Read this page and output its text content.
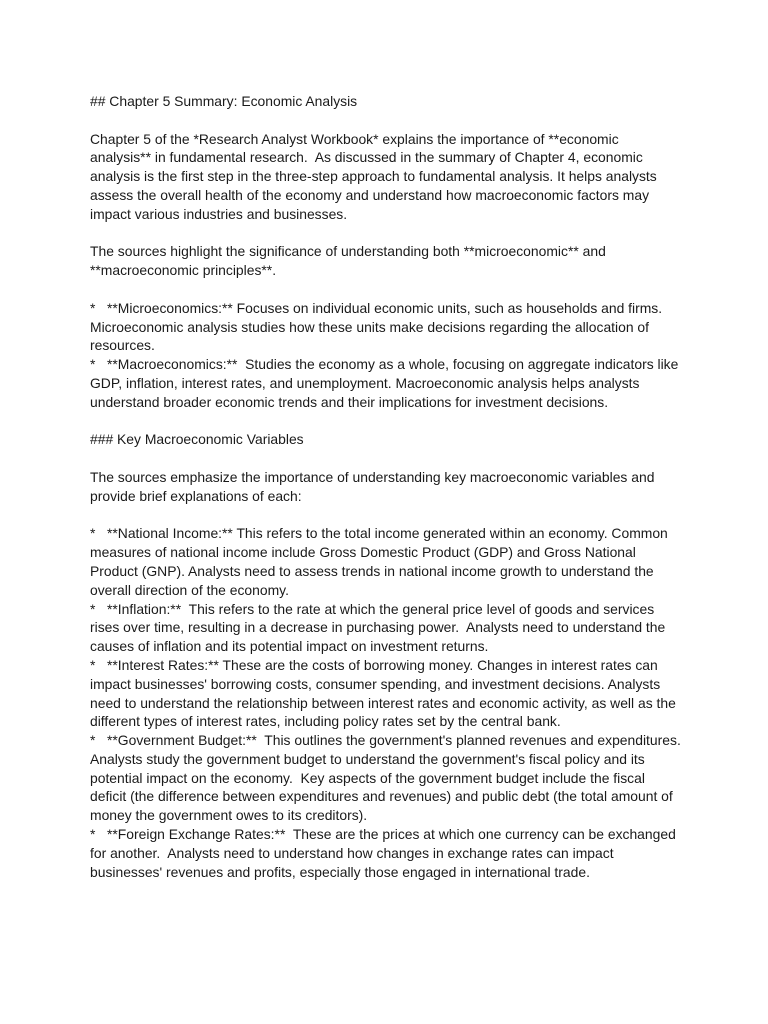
## Chapter 5 Summary: Economic Analysis
Chapter 5 of the *Research Analyst Workbook* explains the importance of **economic
analysis** in fundamental research.  As discussed in the summary of Chapter 4, economic
analysis is the first step in the three-step approach to fundamental analysis. It helps analysts
assess the overall health of the economy and understand how macroeconomic factors may
impact various industries and businesses.
The sources highlight the significance of understanding both **microeconomic** and
**macroeconomic principles**.
*   **Microeconomics:** Focuses on individual economic units, such as households and firms.
Microeconomic analysis studies how these units make decisions regarding the allocation of
resources.
*   **Macroeconomics:**  Studies the economy as a whole, focusing on aggregate indicators like
GDP, inflation, interest rates, and unemployment. Macroeconomic analysis helps analysts
understand broader economic trends and their implications for investment decisions.
### Key Macroeconomic Variables
The sources emphasize the importance of understanding key macroeconomic variables and
provide brief explanations of each:
*   **National Income:** This refers to the total income generated within an economy. Common
measures of national income include Gross Domestic Product (GDP) and Gross National
Product (GNP). Analysts need to assess trends in national income growth to understand the
overall direction of the economy.
*   **Inflation:**  This refers to the rate at which the general price level of goods and services
rises over time, resulting in a decrease in purchasing power.  Analysts need to understand the
causes of inflation and its potential impact on investment returns.
*   **Interest Rates:** These are the costs of borrowing money. Changes in interest rates can
impact businesses' borrowing costs, consumer spending, and investment decisions. Analysts
need to understand the relationship between interest rates and economic activity, as well as the
different types of interest rates, including policy rates set by the central bank.
*   **Government Budget:**  This outlines the government's planned revenues and expenditures.
Analysts study the government budget to understand the government's fiscal policy and its
potential impact on the economy.  Key aspects of the government budget include the fiscal
deficit (the difference between expenditures and revenues) and public debt (the total amount of
money the government owes to its creditors).
*   **Foreign Exchange Rates:**  These are the prices at which one currency can be exchanged
for another.  Analysts need to understand how changes in exchange rates can impact
businesses' revenues and profits, especially those engaged in international trade.
